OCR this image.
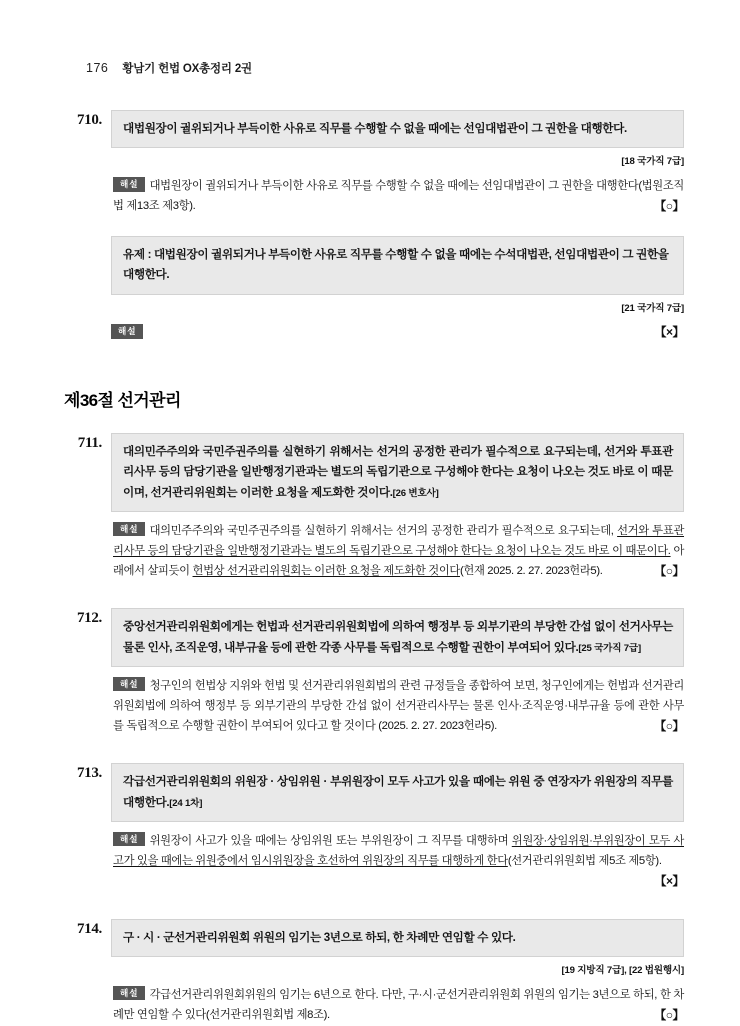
176 황남기 헌법 OX총정리 2권
710.
대법원장이 궐위되거나 부득이한 사유로 직무를 수행할 수 없을 때에는 선임대법관이 그 권한을 대행한다.
[18 국가직 7급]
해설 대법원장이 궐위되거나 부득이한 사유로 직무를 수행할 수 없을 때에는 선임대법관이 그 권한을 대행한다(법원조직법 제13조 제3항).	【○】
유제 : 대법원장이 궐위되거나 부득이한 사유로 직무를 수행할 수 없을 때에는 수석대법관, 선임대법관이 그 권한을 대행한다.
[21 국가직 7급]
해설	【×】
제36절 선거관리
711.
대의민주주의와 국민주권주의를 실현하기 위해서는 선거의 공정한 관리가 필수적으로 요구되는데, 선거와 투표관리사무 등의 담당기관을 일반행정기관과는 별도의 독립기관으로 구성해야 한다는 요청이 나오는 것도 바로 이 때문이며, 선거관리위원회는 이러한 요청을 제도화한 것이다.[26 변호사]
해설 대의민주주의와 국민주권주의를 실현하기 위해서는 선거의 공정한 관리가 필수적으로 요구되는데, 선거와 투표관리사무 등의 담당기관을 일반행정기관과는 별도의 독립기관으로 구성해야 한다는 요청이 나오는 것도 바로 이 때문이다. 아래에서 살피듯이 헌법상 선거관리위원회는 이러한 요청을 제도화한 것이다(헌재 2025. 2. 27. 2023헌라5).	【○】
712.
중앙선거관리위원회에게는 헌법과 선거관리위원회법에 의하여 행정부 등 외부기관의 부당한 간섭 없이 선거사무는 물론 인사, 조직운영, 내부규율 등에 관한 각종 사무를 독립적으로 수행할 권한이 부여되어 있다.[25 국가직 7급]
해설 청구인의 헌법상 지위와 헌법 및 선거관리위원회법의 관련 규정들을 종합하여 보면, 청구인에게는 헌법과 선거관리위원회법에 의하여 행정부 등 외부기관의 부당한 간섭 없이 선거관리사무는 물론 인사·조직운영·내부규율 등에 관한 사무를 독립적으로 수행할 권한이 부여되어 있다고 할 것이다 (2025. 2. 27. 2023헌라5).	【○】
713.
각급선거관리위원회의 위원장 · 상임위원 · 부위원장이 모두 사고가 있을 때에는 위원 중 연장자가 위원장의 직무를 대행한다.[24 1차]
해설 위원장이 사고가 있을 때에는 상임위원 또는 부위원장이 그 직무를 대행하며 위원장·상임위원·부위원장이 모두 사고가 있을 때에는 위원중에서 임시위원장을 호선하여 위원장의 직무를 대행하게 한다(선거관리위원회법 제5조 제5항).
【×】
714.
구 · 시 · 군선거관리위원회 위원의 임기는 3년으로 하되, 한 차례만 연임할 수 있다.
[19 지방직 7급], [22 법원행시]
해설 각급선거관리위원회위원의 임기는 6년으로 한다. 다만, 구·시·군선거관리위원회 위원의 임기는 3년으로 하되, 한 차례만 연임할 수 있다(선거관리위원회법 제8조).	【○】
